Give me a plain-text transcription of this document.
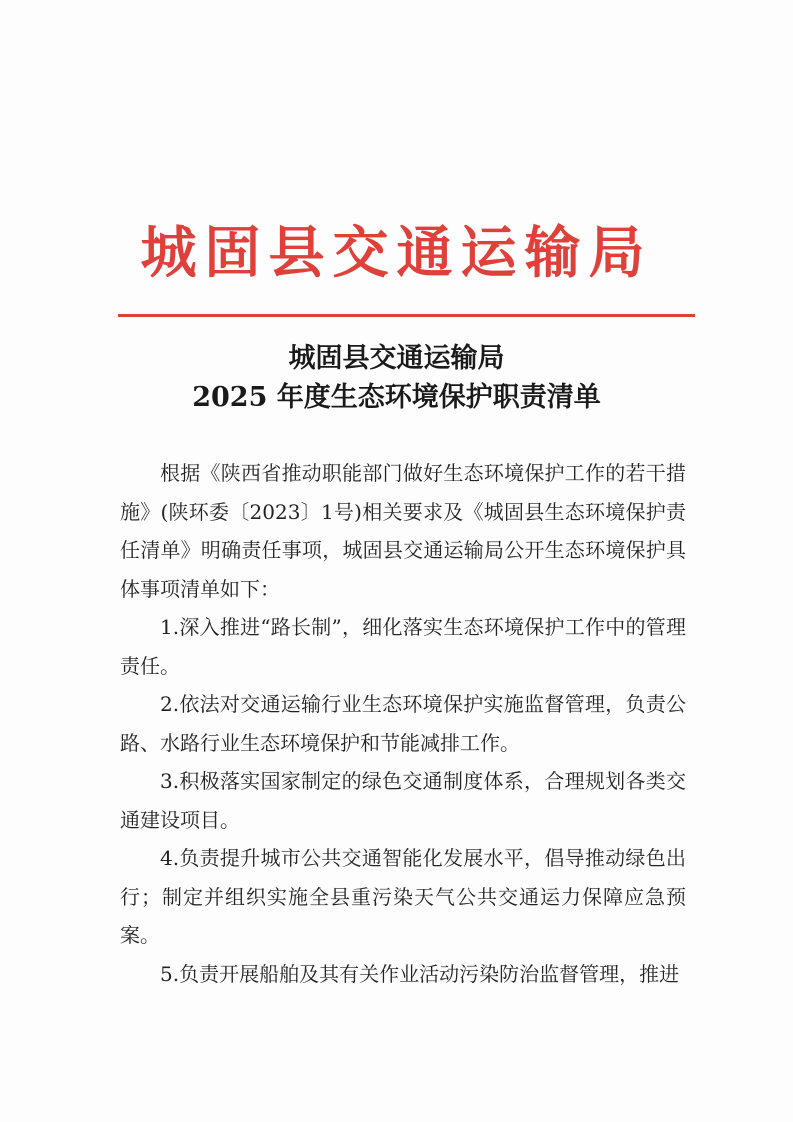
城固县交通运输局
城固县交通运输局
2025 年度生态环境保护职责清单

根据《陕西省推动职能部门做好生态环境保护工作的若干措施》(陕环委〔2023〕1号)相关要求及《城固县生态环境保护责任清单》明确责任事项，城固县交通运输局公开生态环境保护具体事项清单如下：

1.深入推进“路长制”，细化落实生态环境保护工作中的管理责任。

2.依法对交通运输行业生态环境保护实施监督管理，负责公路、水路行业生态环境保护和节能减排工作。

3.积极落实国家制定的绿色交通制度体系，合理规划各类交通建设项目。

4.负责提升城市公共交通智能化发展水平，倡导推动绿色出行；制定并组织实施全县重污染天气公共交通运力保障应急预案。

5.负责开展船舶及其有关作业活动污染防治监督管理，推进
